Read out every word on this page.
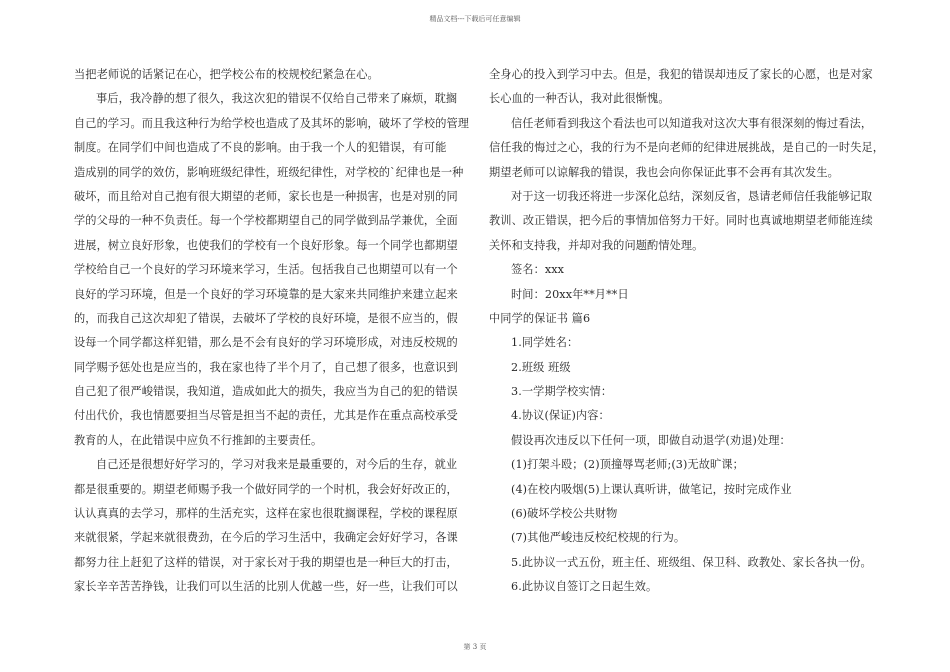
精品文档---下载后可任意编辑
当把老师说的话紧记在心，把学校公布的校规校纪紧急在心。
事后，我冷静的想了很久，我这次犯的错误不仅给自己带来了麻烦，耽搁
自己的学习。而且我这种行为给学校也造成了及其坏的影响，破坏了学校的管理
制度。在同学们中间也造成了不良的影响。由于我一个人的犯错误，有可能
造成别的同学的效仿，影响班级纪律性，班级纪律性，对学校的`纪律也是一种
破坏，而且给对自己抱有很大期望的老师，家长也是一种损害，也是对别的同
学的父母的一种不负责任。每一个学校都期望自己的同学做到品学兼优，全面
进展，树立良好形象，也使我们的学校有一个良好形象。每一个同学也都期望
学校给自己一个良好的学习环境来学习，生活。包括我自己也期望可以有一个
良好的学习环境，但是一个良好的学习环境靠的是大家来共同维护来建立起来
的，而我自己这次却犯了错误，去破坏了学校的良好环境，是很不应当的，假
设每一个同学都这样犯错，那么是不会有良好的学习环境形成，对违反校规的
同学赐予惩处也是应当的，我在家也待了半个月了，自己想了很多，也意识到
自己犯了很严峻错误，我知道，造成如此大的损失，我应当为自己的犯的错误
付出代价，我也情愿要担当尽管是担当不起的责任，尤其是作在重点高校承受
教育的人，在此错误中应负不行推卸的主要责任。
自己还是很想好好学习的，学习对我来是最重要的，对今后的生存，就业
都是很重要的。期望老师赐予我一个做好同学的一个时机，我会好好改正的，
认认真真的去学习，那样的生活充实，这样在家也很耽搁课程，学校的课程原
来就很紧，学起来就很费劲，在今后的学习生活中，我确定会好好学习，各课
都努力往上赶犯了这样的错误，对于家长对于我的期望也是一种巨大的打击，
家长辛辛苦苦挣钱，让我们可以生活的比别人优越一些，好一些，让我们可以
全身心的投入到学习中去。但是，我犯的错误却违反了家长的心愿，也是对家
长心血的一种否认，我对此很惭愧。
信任老师看到我这个看法也可以知道我对这次大事有很深刻的悔过看法，
信任我的悔过之心，我的行为不是向老师的纪律进展挑战，是自己的一时失足，
期望老师可以谅解我的错误，我也会向你保证此事不会再有其次发生。
对于这一切我还将进一步深化总结，深刻反省，恳请老师信任我能够记取
教训、改正错误，把今后的事情加倍努力干好。同时也真诚地期望老师能连续
关怀和支持我，并却对我的问题酌情处理。
签名：xxx
时间：20xx年**月**日
中同学的保证书 篇6
1.同学姓名：
2.班级 班级
3.一学期学校实情：
4.协议(保证)内容：
假设再次违反以下任何一项，即做自动退学(劝退)处理：
(1)打架斗殴；(2)顶撞辱骂老师;(3)无故旷课；
(4)在校内吸烟(5)上课认真听讲，做笔记，按时完成作业
(6)破坏学校公共财物
(7)其他严峻违反校纪校规的行为。
5.此协议一式五份，班主任、班级组、保卫科、政教处、家长各执一份。
6.此协议自签订之日起生效。
第 3 页
